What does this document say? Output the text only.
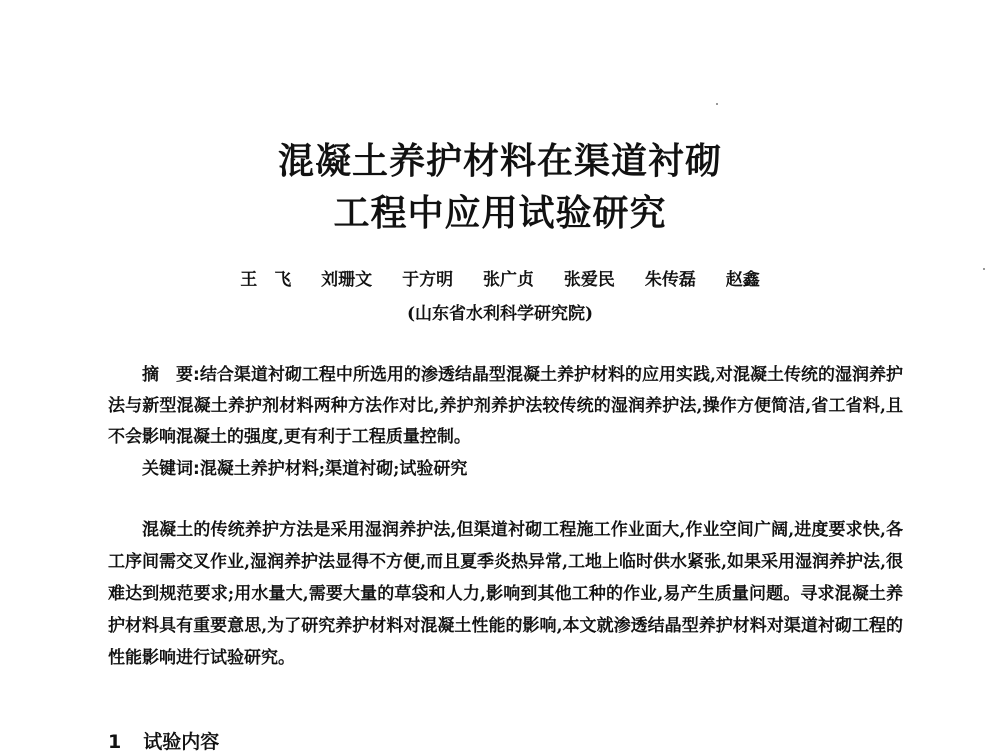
混凝土养护材料在渠道衬砌
工程中应用试验研究
王　飞 刘珊文 于方明 张广贞 张爱民 朱传磊 赵鑫
(山东省水利科学研究院)
摘　要:结合渠道衬砌工程中所选用的渗透结晶型混凝土养护材料的应用实践,对混凝土传统的湿润养护法与新型混凝土养护剂材料两种方法作对比,养护剂养护法较传统的湿润养护法,操作方便简洁,省工省料,且不会影响混凝土的强度,更有利于工程质量控制。
关键词:混凝土养护材料;渠道衬砌;试验研究
混凝土的传统养护方法是采用湿润养护法,但渠道衬砌工程施工作业面大,作业空间广阔,进度要求快,各工序间需交叉作业,湿润养护法显得不方便,而且夏季炎热异常,工地上临时供水紧张,如果采用湿润养护法,很难达到规范要求;用水量大,需要大量的草袋和人力,影响到其他工种的作业,易产生质量问题。寻求混凝土养护材料具有重要意思,为了研究养护材料对混凝土性能的影响,本文就渗透结晶型养护材料对渠道衬砌工程的性能影响进行试验研究。
1 试验内容
